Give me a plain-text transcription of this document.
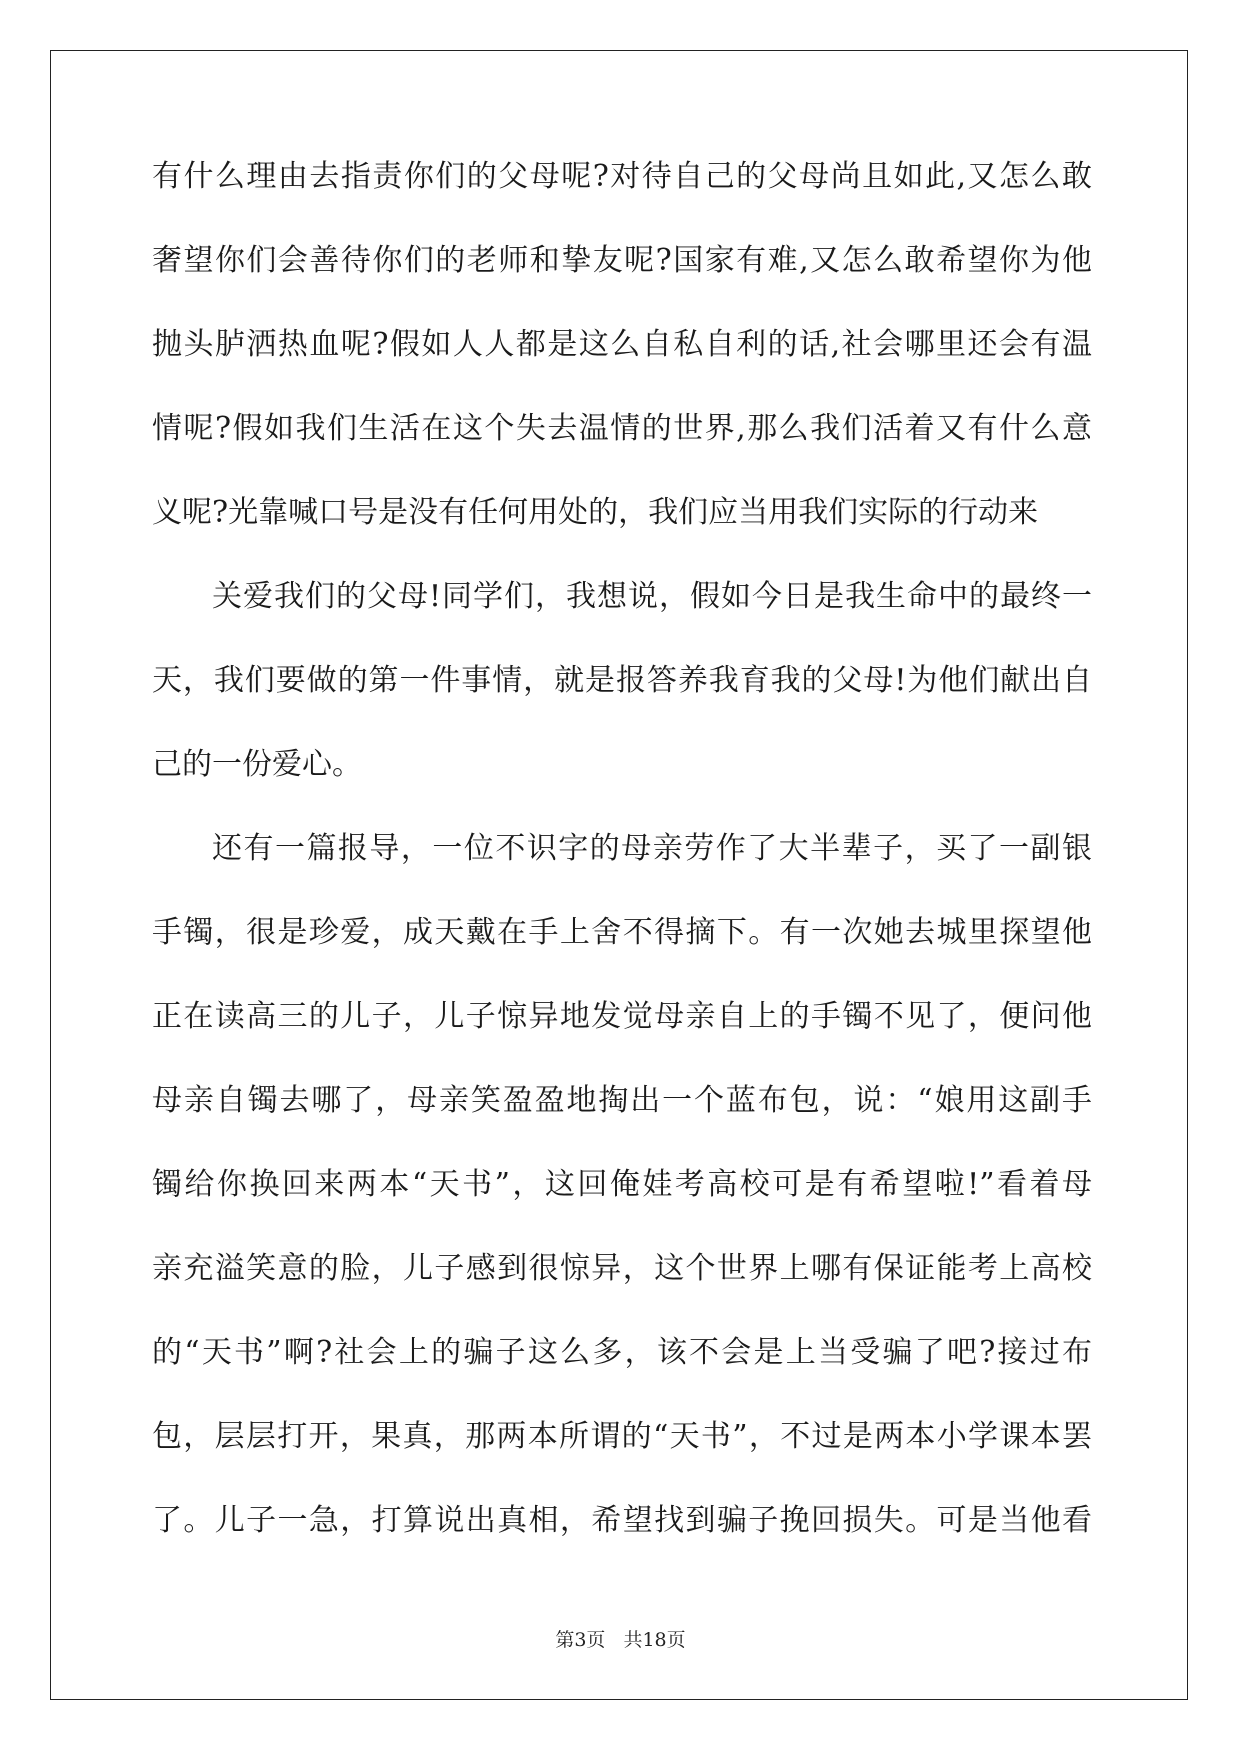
有什么理由去指责你们的父母呢?对待自己的父母尚且如此,又怎么敢
奢望你们会善待你们的老师和挚友呢?国家有难,又怎么敢希望你为他
抛头胪洒热血呢?假如人人都是这么自私自利的话,社会哪里还会有温
情呢?假如我们生活在这个失去温情的世界,那么我们活着又有什么意
义呢?光靠喊口号是没有任何用处的，我们应当用我们实际的行动来
关爱我们的父母!同学们，我想说，假如今日是我生命中的最终一
天，我们要做的第一件事情，就是报答养我育我的父母!为他们献出自
己的一份爱心。
还有一篇报导，一位不识字的母亲劳作了大半辈子，买了一副银
手镯，很是珍爱，成天戴在手上舍不得摘下。有一次她去城里探望他
正在读高三的儿子，儿子惊异地发觉母亲自上的手镯不见了，便问他
母亲自镯去哪了，母亲笑盈盈地掏出一个蓝布包，说：“娘用这副手
镯给你换回来两本“天书”，这回俺娃考高校可是有希望啦!”看着母
亲充溢笑意的脸，儿子感到很惊异，这个世界上哪有保证能考上高校
的“天书”啊?社会上的骗子这么多，该不会是上当受骗了吧?接过布
包，层层打开，果真，那两本所谓的“天书”，不过是两本小学课本罢
了。儿子一急，打算说出真相，希望找到骗子挽回损失。可是当他看
第3页 共18页
